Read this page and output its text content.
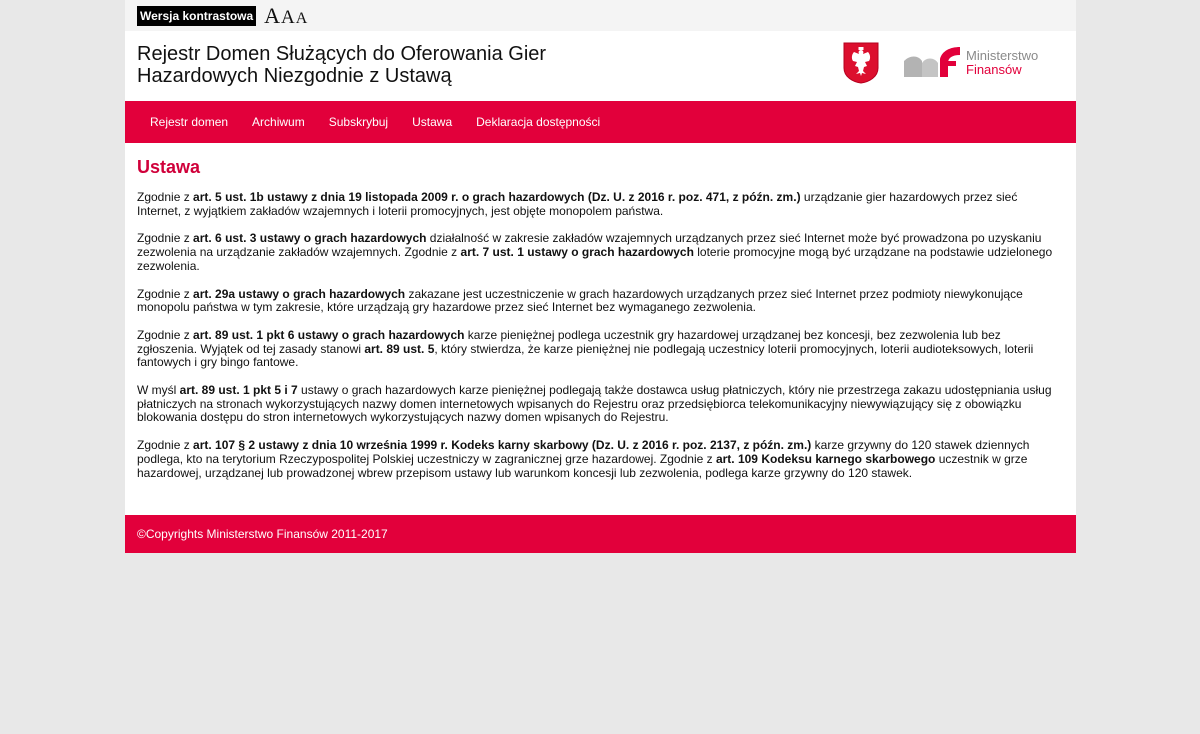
Wersja kontrastowa A A A
Rejestr Domen Służących do Oferowania Gier
Hazardowych Niezgodnie z Ustawą
Ministerstwo
Finansów
Rejestr domen	Archiwum	Subskrybuj	Ustawa	Deklaracja dostępności
Ustawa

Zgodnie z art. 5 ust. 1b ustawy z dnia 19 listopada 2009 r. o grach hazardowych (Dz. U. z 2016 r. poz. 471, z późn. zm.) urządzanie gier hazardowych przez sieć Internet, z wyjątkiem zakładów wzajemnych i loterii promocyjnych, jest objęte monopolem państwa.

Zgodnie z art. 6 ust. 3 ustawy o grach hazardowych działalność w zakresie zakładów wzajemnych urządzanych przez sieć Internet może być prowadzona po uzyskaniu zezwolenia na urządzanie zakładów wzajemnych. Zgodnie z art. 7 ust. 1 ustawy o grach hazardowych loterie promocyjne mogą być urządzane na podstawie udzielonego zezwolenia.

Zgodnie z art. 29a ustawy o grach hazardowych zakazane jest uczestniczenie w grach hazardowych urządzanych przez sieć Internet przez podmioty niewykonujące monopolu państwa w tym zakresie, które urządzają gry hazardowe przez sieć Internet bez wymaganego zezwolenia.

Zgodnie z art. 89 ust. 1 pkt 6 ustawy o grach hazardowych karze pieniężnej podlega uczestnik gry hazardowej urządzanej bez koncesji, bez zezwolenia lub bez zgłoszenia. Wyjątek od tej zasady stanowi art. 89 ust. 5, który stwierdza, że karze pieniężnej nie podlegają uczestnicy loterii promocyjnych, loterii audioteksowych, loterii fantowych i gry bingo fantowe.

W myśl art. 89 ust. 1 pkt 5 i 7 ustawy o grach hazardowych karze pieniężnej podlegają także dostawca usług płatniczych, który nie przestrzega zakazu udostępniania usług płatniczych na stronach wykorzystujących nazwy domen internetowych wpisanych do Rejestru oraz przedsiębiorca telekomunikacyjny niewywiązujący się z obowiązku blokowania dostępu do stron internetowych wykorzystujących nazwy domen wpisanych do Rejestru.

Zgodnie z art. 107 § 2 ustawy z dnia 10 września 1999 r. Kodeks karny skarbowy (Dz. U. z 2016 r. poz. 2137, z późn. zm.) karze grzywny do 120 stawek dziennych podlega, kto na terytorium Rzeczypospolitej Polskiej uczestniczy w zagranicznej grze hazardowej. Zgodnie z art. 109 Kodeksu karnego skarbowego uczestnik w grze hazardowej, urządzanej lub prowadzonej wbrew przepisom ustawy lub warunkom koncesji lub zezwolenia, podlega karze grzywny do 120 stawek.

©Copyrights Ministerstwo Finansów 2011-2017
